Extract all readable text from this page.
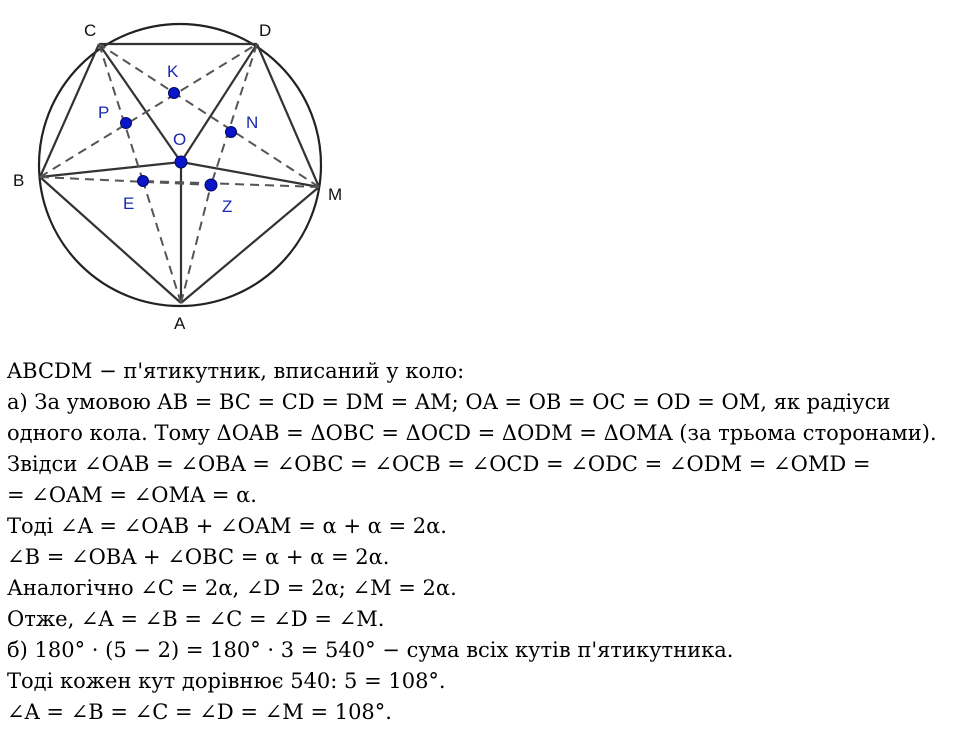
A
B
C	D
M
O
K
P
N
E	Z
ABCDM − п'ятикутник, вписаний у коло:
а) За умовою AB = BC = CD = DM = AM; OA = OB = OC = OD = OM, як радіуси
одного кола. Тому ΔOAB = ΔOBC = ΔOCD = ΔODM = ΔOMA (за трьома сторонами).
Звідси ∠OAB = ∠OBA = ∠OBC = ∠OCB = ∠OCD = ∠ODC = ∠ODM = ∠OMD =
= ∠OAM = ∠OMA = α.
Тоді ∠A = ∠OAB + ∠OAM = α + α = 2α.
∠B = ∠OBA + ∠OBC = α + α = 2α.
Аналогічно ∠C = 2α, ∠D = 2α; ∠M = 2α.
Отже, ∠A = ∠B = ∠C = ∠D = ∠M.
б) 180° · (5 − 2) = 180° · 3 = 540° − сума всіх кутів п'ятикутника.
Тоді кожен кут дорівнює 540: 5 = 108°.
∠A = ∠B = ∠C = ∠D = ∠M = 108°.
